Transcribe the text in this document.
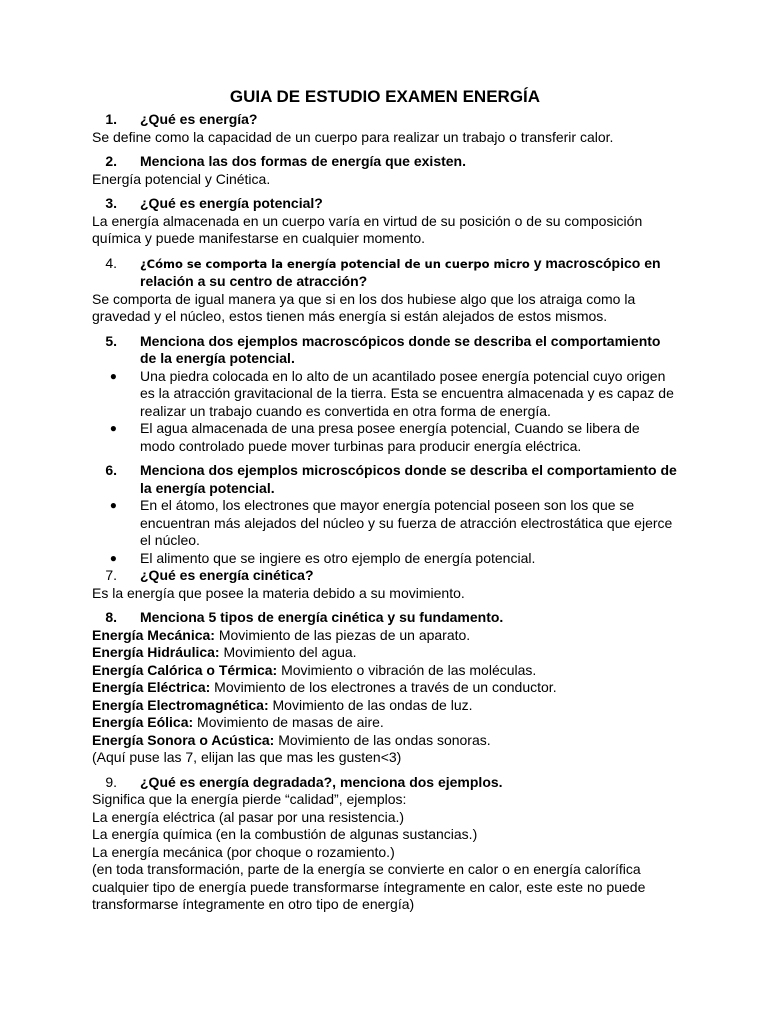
GUIA DE ESTUDIO EXAMEN ENERGÍA
1.	¿Qué es energía?

Se define como la capacidad de un cuerpo para realizar un trabajo o transferir calor.

2.	Menciona las dos formas de energía que existen.

Energía potencial y Cinética.

3.	¿Qué es energía potencial?

La energía almacenada en un cuerpo varía en virtud de su posición o de su composición química y puede manifestarse en cualquier momento.

4.	¿Cómo se comporta la energía potencial de un cuerpo micro y macroscópico en relación a su centro de atracción?

Se comporta de igual manera ya que si en los dos hubiese algo que los atraiga como la gravedad y el núcleo, estos tienen más energía si están alejados de estos mismos.

5.	Menciona dos ejemplos macroscópicos donde se describa el comportamiento de la energía potencial.
●	Una piedra colocada en lo alto de un acantilado posee energía potencial cuyo origen es la atracción gravitacional de la tierra. Esta se encuentra almacenada y es capaz de realizar un trabajo cuando es convertida en otra forma de energía.
●	El agua almacenada de una presa posee energía potencial, Cuando se libera de modo controlado puede mover turbinas para producir energía eléctrica.
6.	Menciona dos ejemplos microscópicos donde se describa el comportamiento de la energía potencial.
●	En el átomo, los electrones que mayor energía potencial poseen son los que se encuentran más alejados del núcleo y su fuerza de atracción electrostática que ejerce el núcleo.
●	El alimento que se ingiere es otro ejemplo de energía potencial.
7.	¿Qué es energía cinética?

Es la energía que posee la materia debido a su movimiento.

8.	Menciona 5 tipos de energía cinética y su fundamento.

Energía Mecánica: Movimiento de las piezas de un aparato.

Energía Hidráulica: Movimiento del agua.

Energía Calórica o Térmica: Movimiento o vibración de las moléculas.

Energía Eléctrica: Movimiento de los electrones a través de un conductor.

Energía Electromagnética: Movimiento de las ondas de luz.

Energía Eólica: Movimiento de masas de aire.

Energía Sonora o Acústica: Movimiento de las ondas sonoras.

(Aquí puse las 7, elijan las que mas les gusten<3)

9.	¿Qué es energía degradada?, menciona dos ejemplos.

Significa que la energía pierde “calidad”, ejemplos:

La energía eléctrica (al pasar por una resistencia.)

La energía química (en la combustión de algunas sustancias.)

La energía mecánica (por choque o rozamiento.)

(en toda transformación, parte de la energía se convierte en calor o en energía calorífica cualquier tipo de energía puede transformarse íntegramente en calor, este este no puede transformarse íntegramente en otro tipo de energía)
